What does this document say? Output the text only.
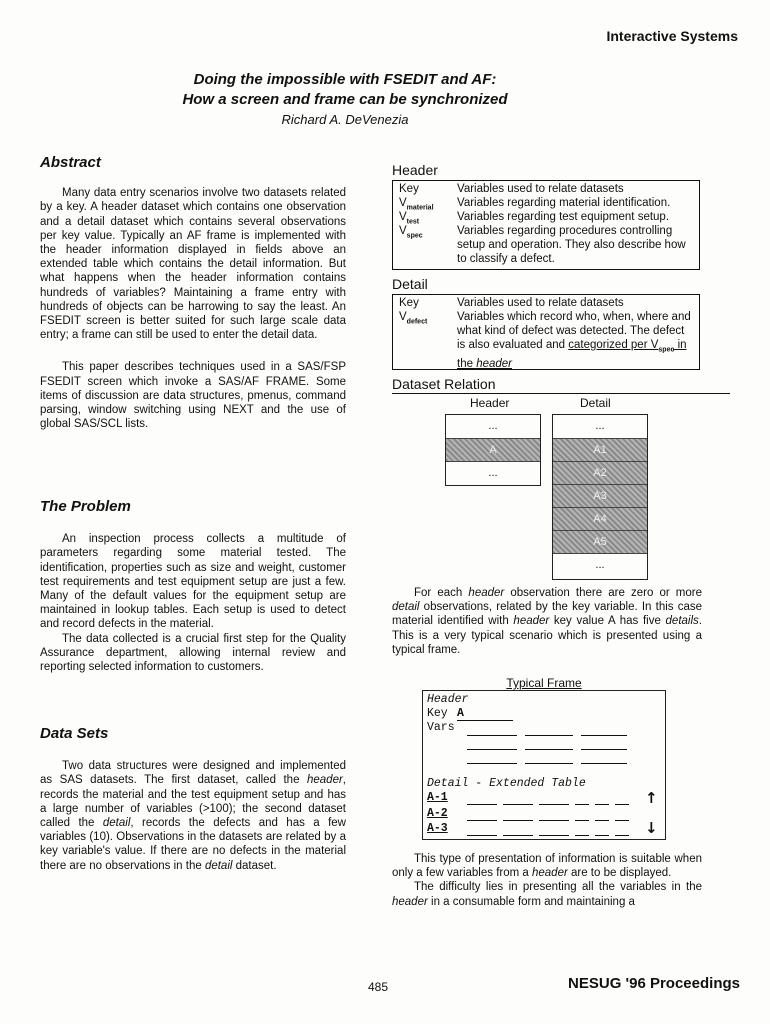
Interactive Systems
Doing the impossible with FSEDIT and AF:
How a screen and frame can be synchronized
Richard A. DeVenezia
Abstract

Many data entry scenarios involve two datasets related by a key. A header dataset which contains one observation and a detail dataset which contains several observations per key value. Typically an AF frame is implemented with the header information displayed in fields above an extended table which contains the detail information. But what happens when the header information contains hundreds of variables? Maintaining a frame entry with hundreds of objects can be harrowing to say the least. An FSEDIT screen is better suited for such large scale data entry; a frame can still be used to enter the detail data.

This paper describes techniques used in a SAS/FSP FSEDIT screen which invoke a SAS/AF FRAME. Some items of discussion are data structures, pmenus, command parsing, window switching using NEXT and the use of global SAS/SCL lists.

The Problem

An inspection process collects a multitude of parameters regarding some material tested. The identification, properties such as size and weight, customer test requirements and test equipment setup are just a few. Many of the default values for the equipment setup are maintained in lookup tables. Each setup is used to detect and record defects in the material.

The data collected is a crucial first step for the Quality Assurance department, allowing internal review and reporting selected information to customers.

Data Sets

Two data structures were designed and implemented as SAS datasets. The first dataset, called the header, records the material and the test equipment setup and has a large number of variables (>100); the second dataset called the detail, records the defects and has a few variables (10). Observations in the datasets are related by a key variable's value. If there are no defects in the material there are no observations in the detail dataset.

Header
Key	Variables used to relate datasets
$V_{material}$ Variables regarding material identification.
$V_{test}$	Variables regarding test equipment setup.
$V_{spec}$	Variables regarding procedures controlling setup and operation. They also describe how to classify a defect.
Detail
Key	Variables used to relate datasets
$V_{defect}$	Variables which record who, when, where and what kind of defect was detected. The defect is also evaluated and categorized per $V_{spec}$ in the header
Dataset Relation
Header	Detail
...
A
...
...
A1
A2
A3
A4
A5
...

For each header observation there are zero or more detail observations, related by the key variable. In this case material identified with header key value A has five details. This is a very typical scenario which is presented using a typical frame.

Typical Frame
Header
Key A
Vars
Detail - Extended Table
A-1	↑
A-2
A-3	↓

This type of presentation of information is suitable when only a few variables from a header are to be displayed.

The difficulty lies in presenting all the variables in the header in a consumable form and maintaining a

485	NESUG '96 Proceedings
